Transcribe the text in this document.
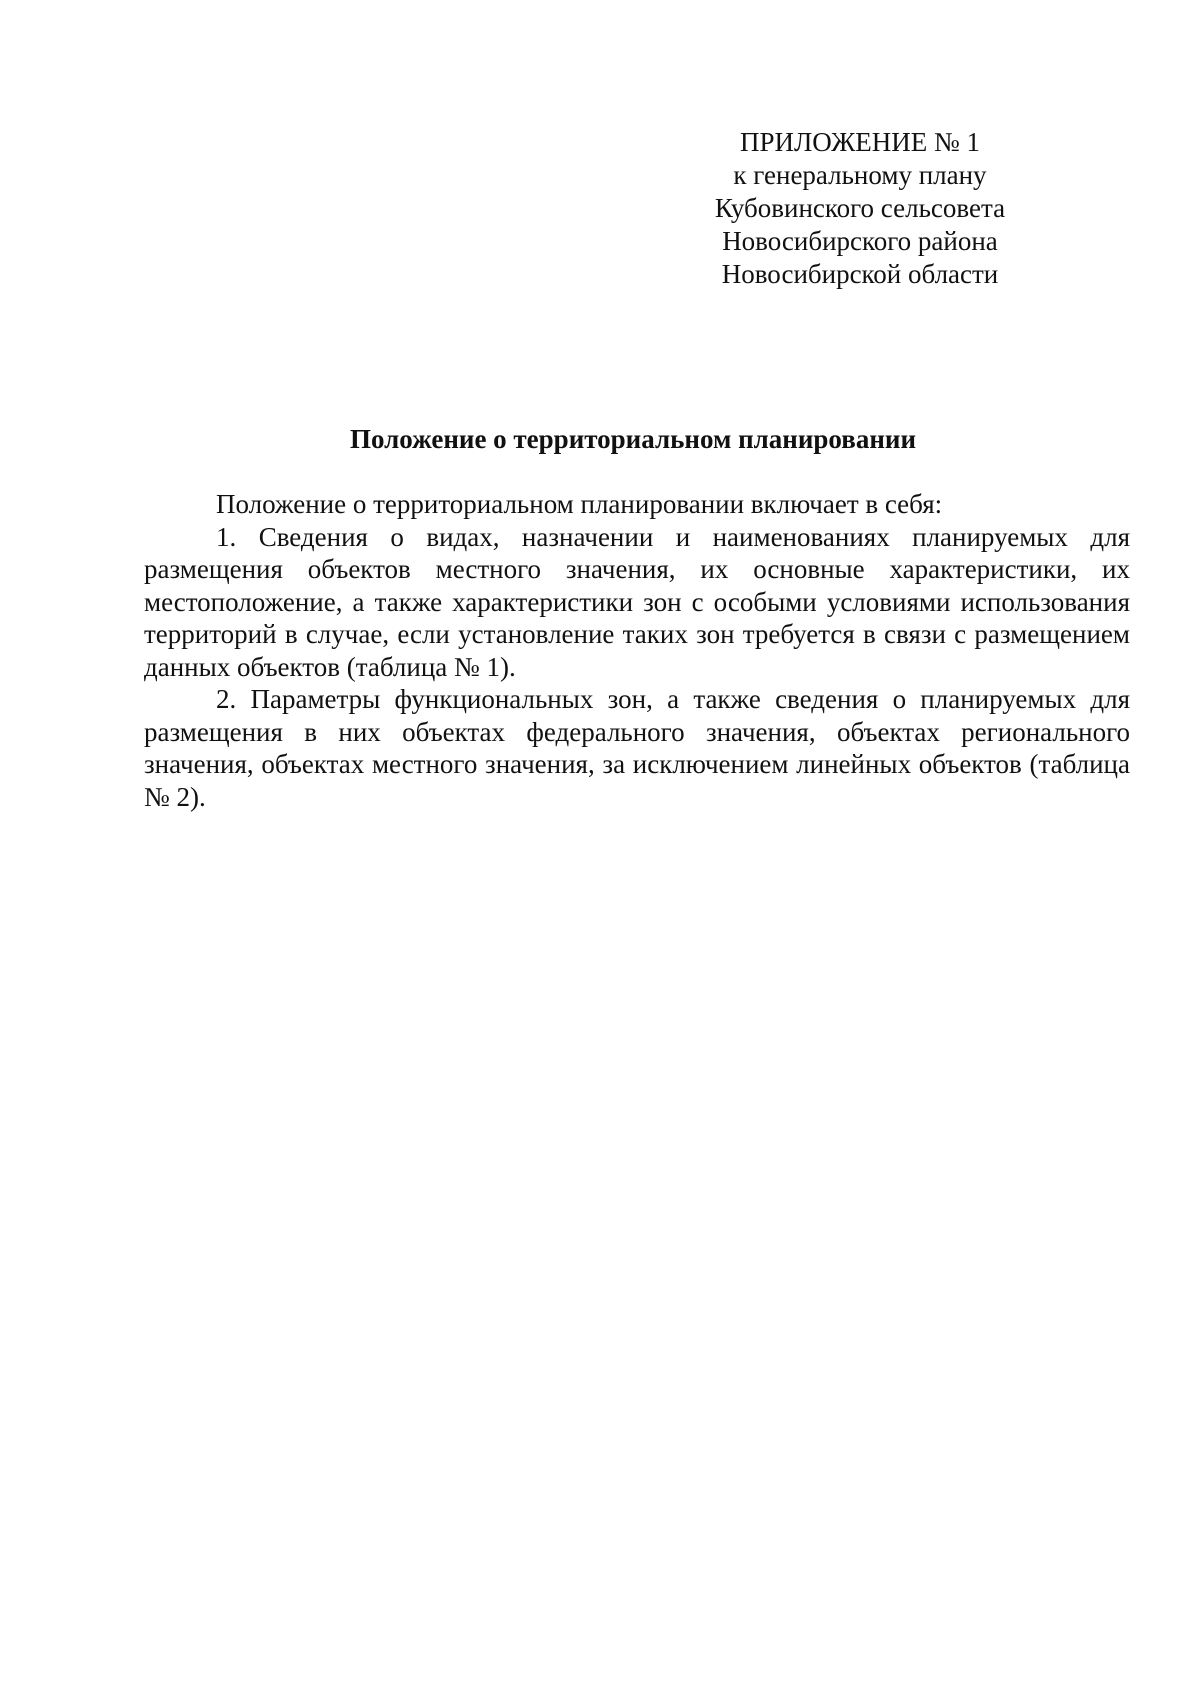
ПРИЛОЖЕНИЕ № 1
к генеральному плану
Кубовинского сельсовета
Новосибирского района
Новосибирской области
Положение о территориальном планировании

Положение о территориальном планировании включает в себя:

1. Сведения о видах, назначении и наименованиях планируемых для размещения объектов местного значения, их основные характеристики, их местоположение, а также характеристики зон с особыми условиями использования территорий в случае, если установление таких зон требуется в связи с размещением данных объектов (таблица № 1).

2. Параметры функциональных зон, а также сведения о планируемых для размещения в них объектах федерального значения, объектах регионального значения, объектах местного значения, за исключением линейных объектов (таблица № 2).
